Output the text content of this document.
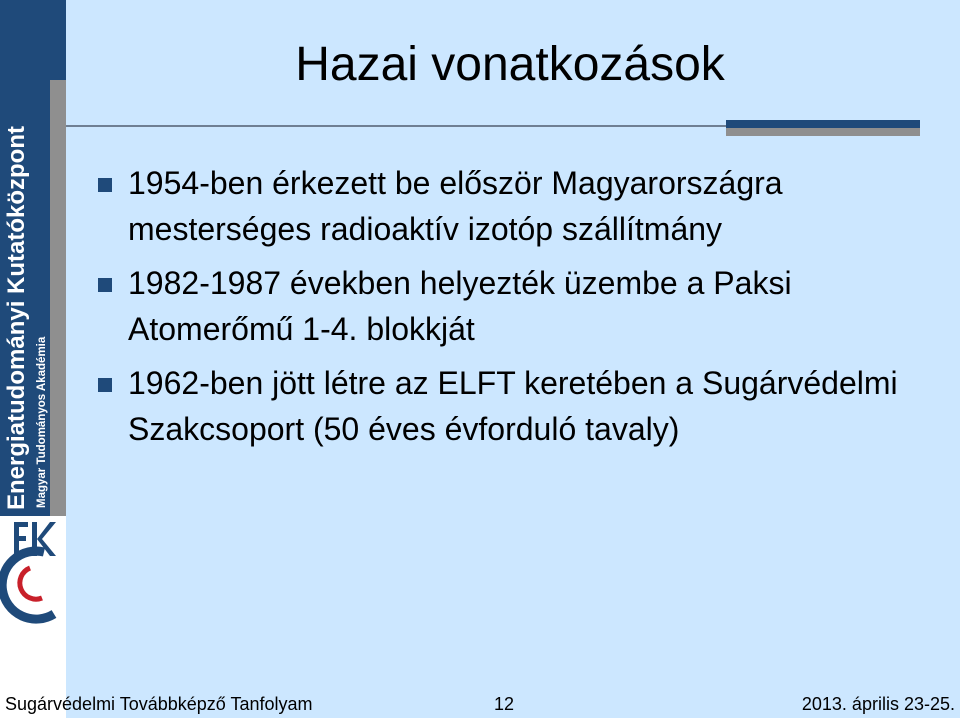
Energiatudományi Kutatóközpont Magyar Tudományos Akadémia
Hazai vonatkozások
1954-ben érkezett be először Magyarországra mesterséges radioaktív izotóp szállítmány
1982-1987 években helyezték üzembe a Paksi Atomerőmű 1-4. blokkját
1962-ben jött létre az ELFT keretében a Sugárvédelmi Szakcsoport (50 éves évforduló tavaly)
Sugárvédelmi Továbbképző Tanfolyam	12	2013. április 23-25.
